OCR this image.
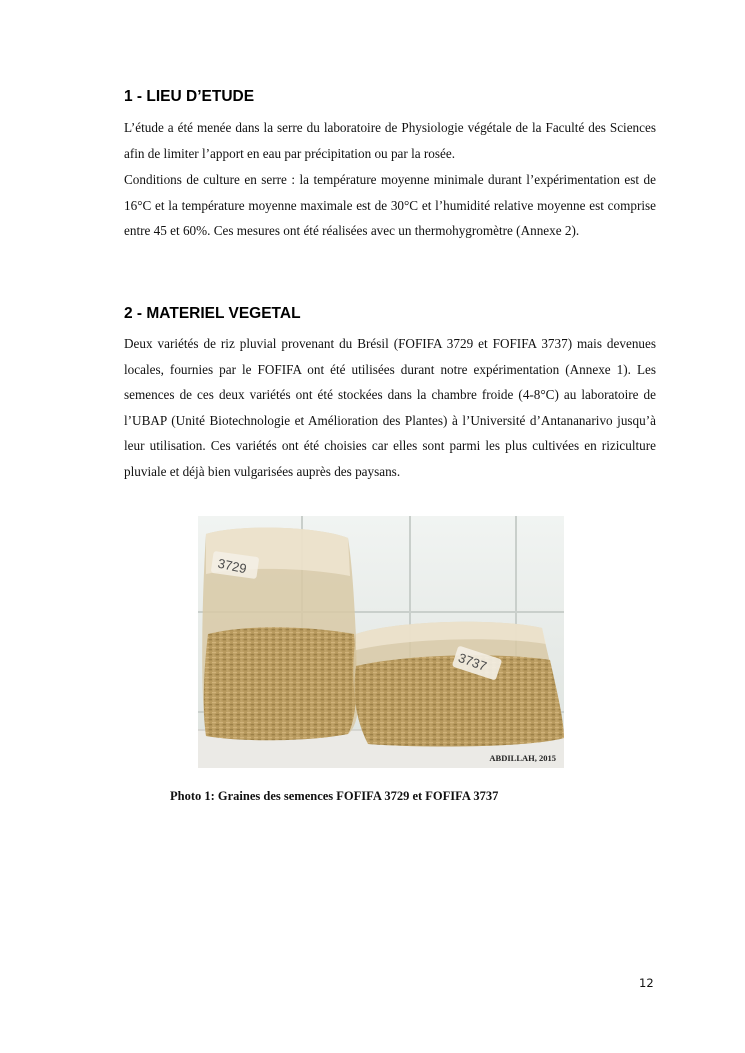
1 - LIEU D’ETUDE

L’étude a été menée dans la serre du laboratoire de Physiologie végétale de la Faculté des Sciences afin de limiter l’apport en eau par précipitation ou par la rosée.

Conditions de culture en serre : la température moyenne minimale durant l’expérimentation est de 16°C et la température moyenne maximale est de 30°C et l’humidité relative moyenne est comprise entre 45 et 60%. Ces mesures ont été réalisées avec un thermohygromètre (Annexe 2).

2 - MATERIEL VEGETAL

Deux variétés de riz pluvial provenant du Brésil (FOFIFA 3729 et FOFIFA 3737) mais devenues locales, fournies par le FOFIFA ont été utilisées durant notre expérimentation (Annexe 1). Les semences de ces deux variétés ont été stockées dans la chambre froide (4-8°C) au laboratoire de l’UBAP (Unité Biotechnologie et Amélioration des Plantes) à l’Université d’Antananarivo jusqu’à leur utilisation. Ces variétés ont été choisies car elles sont parmi les plus cultivées en riziculture pluviale et déjà bien vulgarisées auprès des paysans.

3729
3737
ABDILLAH, 2015

Photo 1: Graines des semences FOFIFA 3729 et FOFIFA 3737

12
